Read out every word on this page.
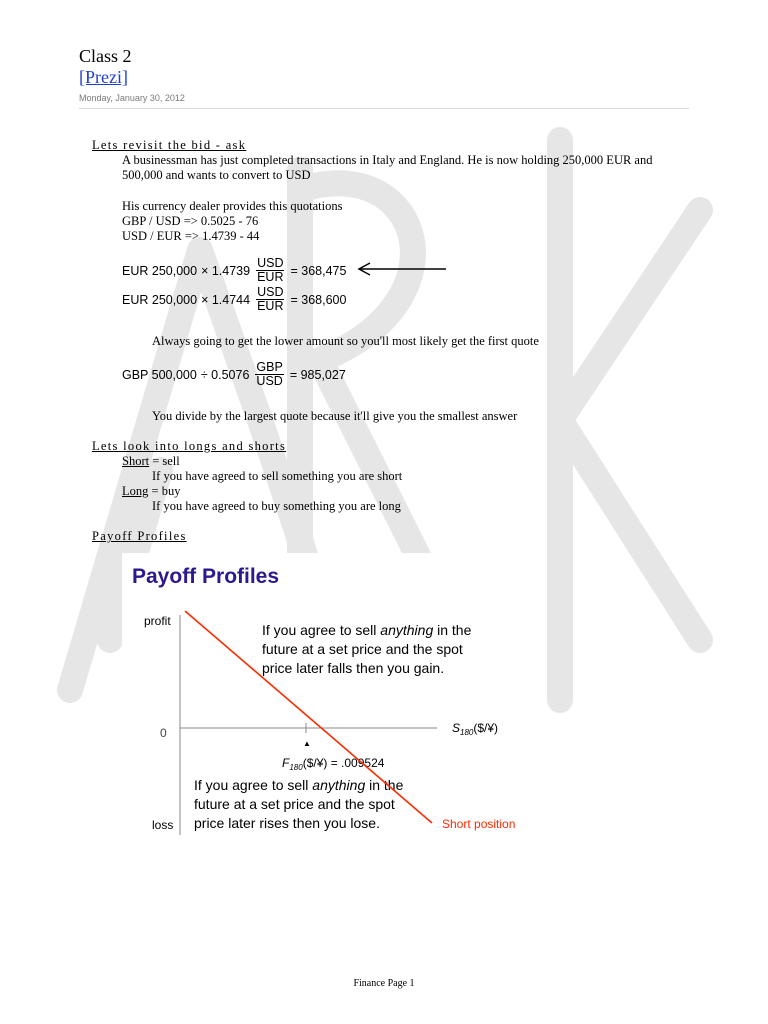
Class 2
[Prezi]
Monday, January 30, 2012
Lets revisit the bid - ask
A businessman has just completed transactions in Italy and England. He is now holding 250,000 EUR and
500,000 and wants to convert to USD
His currency dealer provides this quotations
GBP / USD => 0.5025 - 76
USD / EUR => 1.4739 - 44
EUR $250,000 \times 1.4739 \frac{\text{USD}}{\text{EUR}} = 368,475$
EUR $250,000 \times 1.4744 \frac{\text{USD}}{\text{EUR}} = 368,600$
Always going to get the lower amount so you'll most likely get the first quote
GBP $500,000 \div 0.5076 \frac{\text{GBP}}{\text{USD}} = 985,027$
You divide by the largest quote because it'll give you the smallest answer
Lets look into longs and shorts
Short = sell
If you have agreed to sell something you are short
Long = buy
If you have agreed to buy something you are long
Payoff Profiles
Payoff Profiles
profit
0
loss
If you agree to sell anything in the
future at a set price and the spot
price later falls then you gain.
$S_{180}(\$/¥)$
▲
$F_{180}(\$/¥) = .009524$
If you agree to sell anything in the
future at a set price and the spot
price later rises then you lose.	Short position
Finance Page 1
